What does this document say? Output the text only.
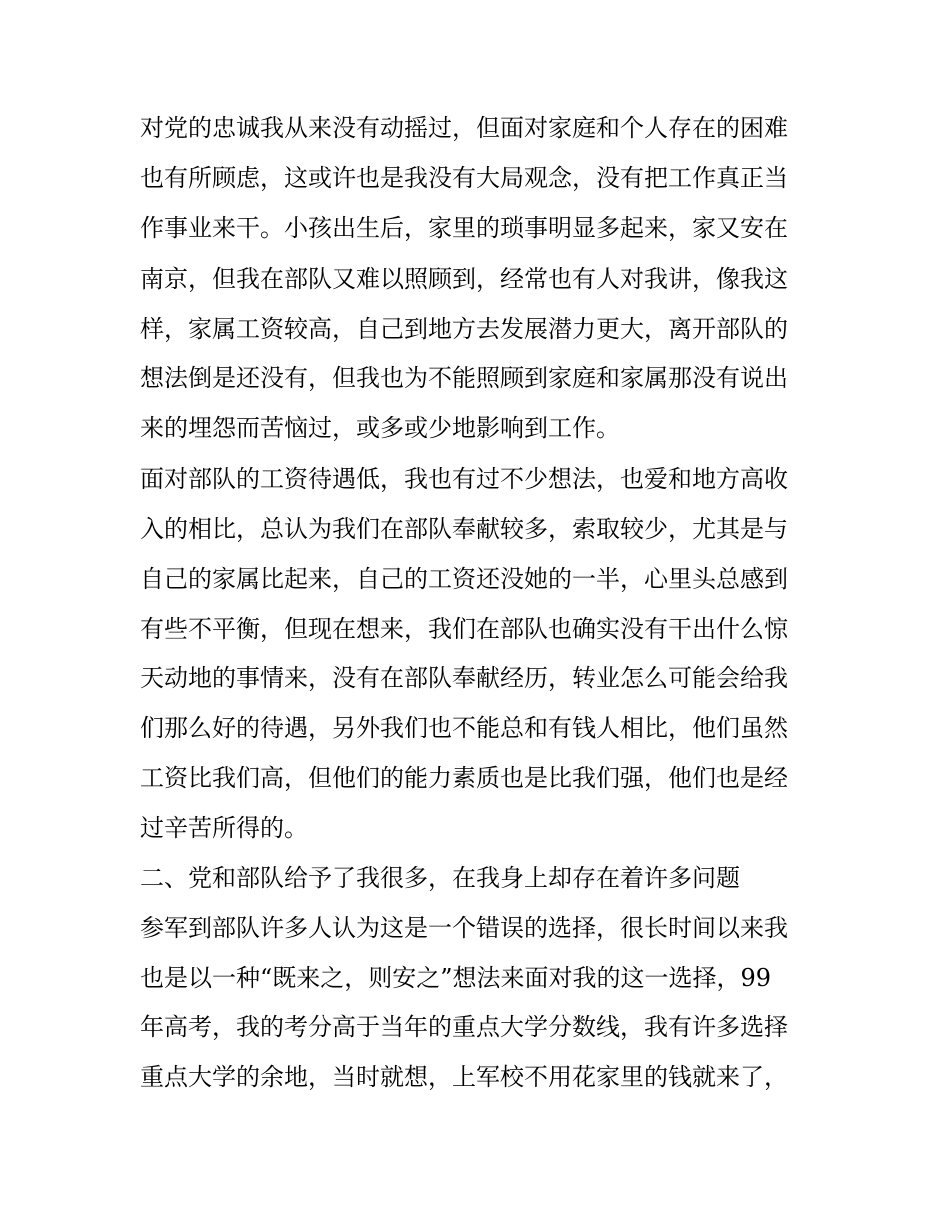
对党的忠诚我从来没有动摇过，但面对家庭和个人存在的困难
也有所顾虑，这或许也是我没有大局观念，没有把工作真正当
作事业来干。小孩出生后，家里的琐事明显多起来，家又安在
南京，但我在部队又难以照顾到，经常也有人对我讲，像我这
样，家属工资较高，自己到地方去发展潜力更大，离开部队的
想法倒是还没有，但我也为不能照顾到家庭和家属那没有说出
来的埋怨而苦恼过，或多或少地影响到工作。
面对部队的工资待遇低，我也有过不少想法，也爱和地方高收
入的相比，总认为我们在部队奉献较多，索取较少，尤其是与
自己的家属比起来，自己的工资还没她的一半，心里头总感到
有些不平衡，但现在想来，我们在部队也确实没有干出什么惊
天动地的事情来，没有在部队奉献经历，转业怎么可能会给我
们那么好的待遇，另外我们也不能总和有钱人相比，他们虽然
工资比我们高，但他们的能力素质也是比我们强，他们也是经
过辛苦所得的。
二、党和部队给予了我很多，在我身上却存在着许多问题
参军到部队许多人认为这是一个错误的选择，很长时间以来我
也是以一种“既来之，则安之”想法来面对我的这一选择，99
年高考，我的考分高于当年的重点大学分数线，我有许多选择
重点大学的余地，当时就想，上军校不用花家里的钱就来了，
